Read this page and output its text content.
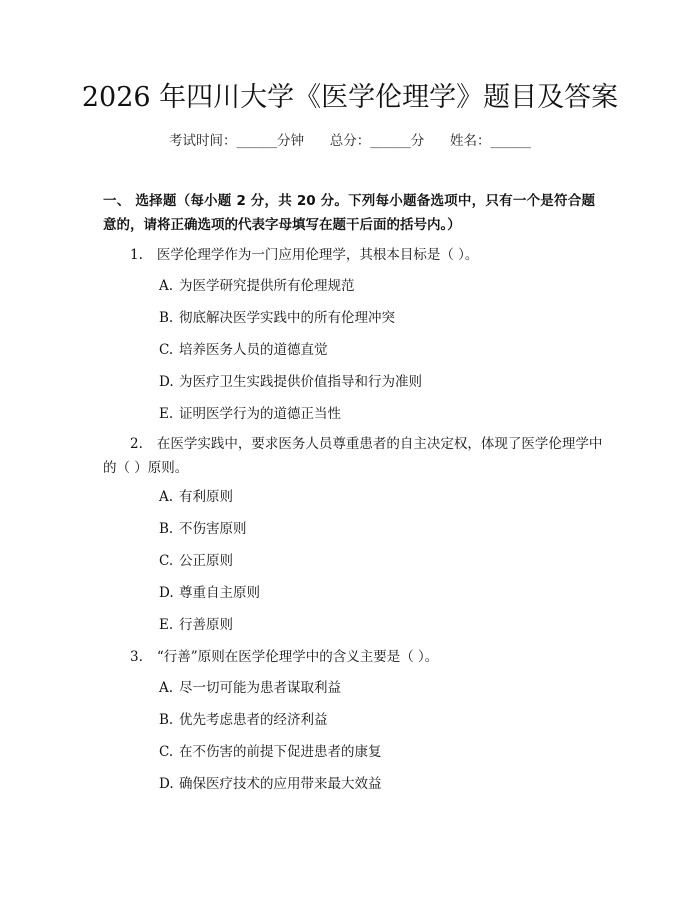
2026 年四川大学《医学伦理学》题目及答案
考试时间：______分钟      总分：______分      姓名：______
一、 选择题（每小题 2 分，共 20 分。下列每小题备选项中，只有一个是符合题意的，请将正确选项的代表字母填写在题干后面的括号内。）
1. 医学伦理学作为一门应用伦理学，其根本目标是（ ）。
A. 为医学研究提供所有伦理规范
B. 彻底解决医学实践中的所有伦理冲突
C. 培养医务人员的道德直觉
D. 为医疗卫生实践提供价值指导和行为准则
E. 证明医学行为的道德正当性
2. 在医学实践中，要求医务人员尊重患者的自主决定权，体现了医学伦理学中的（ ）原则。
A. 有利原则
B. 不伤害原则
C. 公正原则
D. 尊重自主原则
E. 行善原则
3. “行善”原则在医学伦理学中的含义主要是（ ）。
A. 尽一切可能为患者谋取利益
B. 优先考虑患者的经济利益
C. 在不伤害的前提下促进患者的康复
D. 确保医疗技术的应用带来最大效益
